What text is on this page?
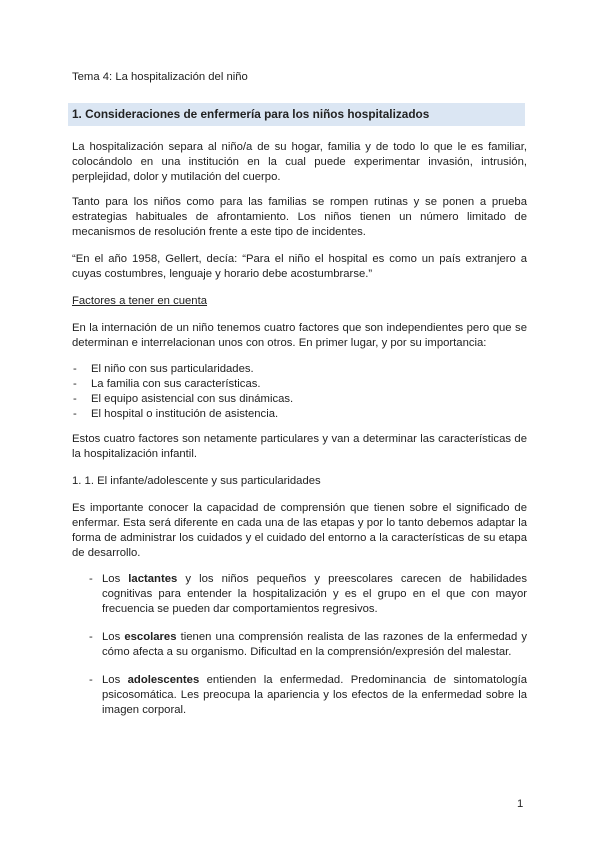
Tema 4: La hospitalización del niño
1. Consideraciones de enfermería para los niños hospitalizados

La hospitalización separa al niño/a de su hogar, familia y de todo lo que le es familiar, colocándolo en una institución en la cual puede experimentar invasión, intrusión, perplejidad, dolor y mutilación del cuerpo.

Tanto para los niños como para las familias se rompen rutinas y se ponen a prueba estrategias habituales de afrontamiento. Los niños tienen un número limitado de mecanismos de resolución frente a este tipo de incidentes.

“En el año 1958, Gellert, decía: “Para el niño el hospital es como un país extranjero a cuyas costumbres, lenguaje y horario debe acostumbrarse.”

Factores a tener en cuenta

En la internación de un niño tenemos cuatro factores que son independientes pero que se determinan e interrelacionan unos con otros. En primer lugar, y por su importancia:

- El niño con sus particularidades.
- La familia con sus características.
- El equipo asistencial con sus dinámicas.
- El hospital o institución de asistencia.

Estos cuatro factores son netamente particulares y van a determinar las características de la hospitalización infantil.

1. 1. El infante/adolescente y sus particularidades

Es importante conocer la capacidad de comprensión que tienen sobre el significado de enfermar. Esta será diferente en cada una de las etapas y por lo tanto debemos adaptar la forma de administrar los cuidados y el cuidado del entorno a la características de su etapa de desarrollo.

- Los lactantes y los niños pequeños y preescolares carecen de habilidades cognitivas para entender la hospitalización y es el grupo en el que con mayor frecuencia se pueden dar comportamientos regresivos.
- Los escolares tienen una comprensión realista de las razones de la enfermedad y cómo afecta a su organismo. Dificultad en la comprensión/expresión del malestar.
- Los adolescentes entienden la enfermedad. Predominancia de sintomatología psicosomática. Les preocupa la apariencia y los efectos de la enfermedad sobre la imagen corporal.
1
